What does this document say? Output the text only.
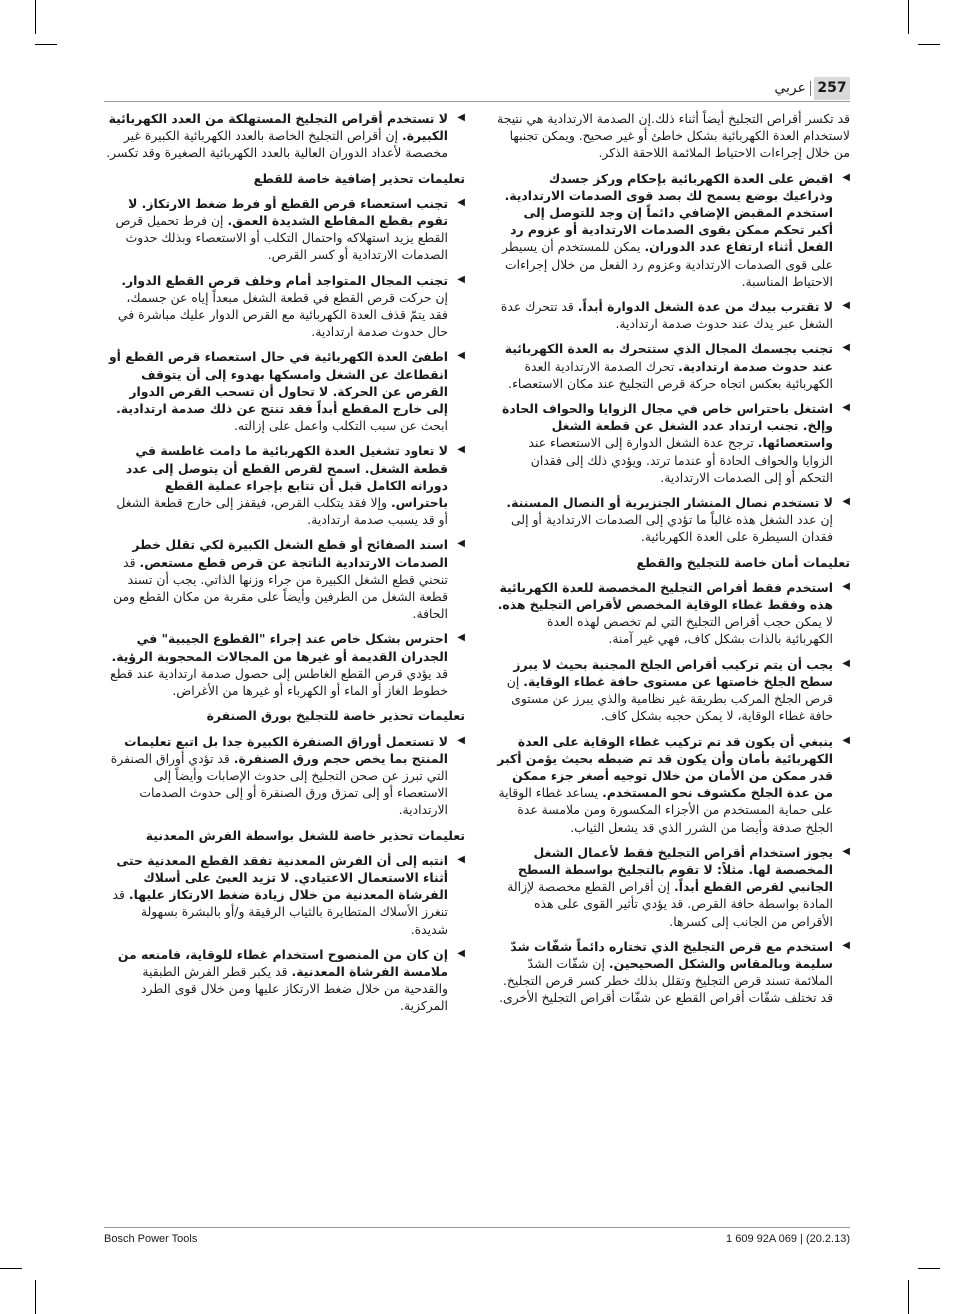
257
عربي

قد تكسر أقراص التجليخ أيضاً أثناء ذلك.إن الصدمة الارتدادية هي نتيجة لاستخدام العدة الكهربائية بشكل خاطئ أو غير صحيح. ويمكن تجنبها من خلال إجراءات الاحتياط الملائمة اللاحقة الذكر.

◀
اقبض على العدة الكهربائية بإحكام وركز جسدك وذراعيك بوضع يسمح لك بصد قوى الصدمات الارتدادية. استخدم المقبض الإضافي دائماً إن وجد للتوصل إلى أكبر تحكم ممكن بقوى الصدمات الارتدادية أو عزوم رد الفعل أثناء ارتفاع عدد الدوران. يمكن للمستخدم أن يسيطر على قوى الصدمات الارتدادية وعزوم رد الفعل من خلال إجراءات الاحتياط المناسبة.
◀
لا تقترب بيدك من عدة الشغل الدوارة أبداً. قد تتحرك عدة الشغل عبر يدك عند حدوث صدمة ارتدادية.
◀
تجنب بجسمك المجال الذي ستتحرك به العدة الكهربائية عند حدوث صدمة ارتدادية. تحرك الصدمة الارتدادية العدة الكهربائية بعكس اتجاه حركة قرص التجليخ عند مكان الاستعصاء.
◀
اشتغل باحتراس خاص في مجال الزوايا والحواف الحادة وإلخ. تجنب ارتداد عدد الشغل عن قطعة الشغل واستعصائها. ترجح عدة الشغل الدوارة إلى الاستعصاء عند الزوايا والحواف الحادة أو عندما ترتد. ويؤدي ذلك إلى فقدان التحكم أو إلى الصدمات الارتدادية.
◀
لا تستخدم نصال المنشار الجنزيرية أو النصال المسننة. إن عدد الشغل هذه غالباً ما تؤدي إلى الصدمات الارتدادية أو إلى فقدان السيطرة على العدة الكهربائية.
تعليمات أمان خاصة للتجليخ والقطع
◀
استخدم فقط أقراص التجليخ المخصصة للعدة الكهربائية هذه وفقط غطاء الوقاية المخصص لأقراص التجليخ هذه. لا يمكن حجب أقراص التجليخ التي لم تخصص لهذه العدة الكهربائية بالذات بشكل كاف، فهي غير آمنة.
◀
يجب أن يتم تركيب أقراص الجلخ المجنبة بحيث لا يبرز سطح الجلخ خاصتها عن مستوى حافة غطاء الوقاية. إن قرص الجلخ المركب بطريقة غير نظامية والذي يبرز عن مستوى حافة غطاء الوقاية، لا يمكن حجبه بشكل كاف.
◀
ينبغي أن يكون قد تم تركيب غطاء الوقاية على العدة الكهربائية بأمان وأن يكون قد تم ضبطه بحيث يؤمن أكبر قدر ممكن من الأمان من خلال توجيه أصغر جزء ممكن من عدة الجلخ مكشوف نحو المستخدم. يساعد غطاء الوقاية على حماية المستخدم من الأجزاء المكسورة ومن ملامسة عدة الجلخ صدفة وأيضا من الشرر الذي قد يشعل الثياب.
◀
يجوز استخدام أقراص التجليخ فقط لأعمال الشغل المخصصة لها. مثلاً: لا تقوم بالتجليخ بواسطة السطح الجانبي لقرص القطع أبداً. إن أقراص القطع مخصصة لإزالة المادة بواسطة حافة القرص. قد يؤدي تأثير القوى على هذه الأقراص من الجانب إلى كسرها.
◀
استخدم مع قرص التجليخ الذي تختاره دائماً شفّات شدّ سليمة وبالمقاس والشكل الصحيحين. إن شفّات الشدّ الملائمة تسند قرص التجليخ وتقلل بذلك خطر كسر قرص التجليخ. قد تختلف شفّات أقراص القطع عن شفّات أقراص التجليخ الأخرى.
◀
لا تستخدم أقراص التجليخ المستهلكة من العدد الكهربائية الكبيرة. إن أقراص التجليخ الخاصة بالعدد الكهربائية الكبيرة غير مخصصة لأعداد الدوران العالية بالعدد الكهربائية الصغيرة وقد تكسر.
تعليمات تحذير إضافية خاصة للقطع
◀
تجنب استعصاء قرص القطع أو فرط ضغط الارتكاز. لا تقوم بقطع المقاطع الشديدة العمق. إن فرط تحميل قرص القطع يزيد استهلاكه واحتمال التكلب أو الاستعصاء وبذلك حدوث الصدمات الارتدادية أو كسر القرص.
◀
تجنب المجال المتواجد أمام وخلف قرص القطع الدوار. إن حركت قرص القطع في قطعة الشغل مبعداً إياه عن جسمك، فقد يتمّ قذف العدة الكهربائية مع القرص الدوار عليك مباشرة في حال حدوث صدمة ارتدادية.
◀
اطفئ العدة الكهربائية في حال استعصاء قرص القطع أو انقطاعك عن الشغل وامسكها بهدوء إلى أن يتوقف القرص عن الحركة. لا تحاول أن تسحب القرص الدوار إلى خارج المقطع أبداً فقد تنتج عن ذلك صدمة ارتدادية. ابحث عن سبب التكلب واعمل على إزالته.
◀
لا تعاود تشغيل العدة الكهربائية ما دامت غاطسة في قطعة الشغل. اسمح لقرص القطع أن يتوصل إلى عدد دورانه الكامل قبل أن تتابع بإجراء عملية القطع باحتراس. وإلا فقد يتكلب القرص، فيقفز إلى خارج قطعة الشغل أو قد يسبب صدمة ارتدادية.
◀
اسند الصفائح أو قطع الشغل الكبيرة لكي تقلل خطر الصدمات الارتدادية الناتجة عن قرص قطع مستعص. قد تنحني قطع الشغل الكبيرة من جراء وزنها الذاتي. يجب أن تسند قطعة الشغل من الطرفين وأيضاً على مقربة من مكان القطع ومن الحافة.
◀
احترس بشكل خاص عند إجراء "القطوع الجيبية" في الجدران القديمة أو غيرها من المجالات المحجوبة الرؤية. قد يؤدي قرص القطع الغاطس إلى حصول صدمة ارتدادية عند قطع خطوط الغاز أو الماء أو الكهرباء أو غيرها من الأغراض.
تعليمات تحذير خاصة للتجليخ بورق الصنفرة
◀
لا تستعمل أوراق الصنفرة الكبيرة جدا بل اتبع تعليمات المنتج بما يخص حجم ورق الصنفرة. قد تؤدي أوراق الصنفرة التي تبرز عن صحن التجليخ إلى حدوث الإصابات وأيضاً إلى الاستعصاء أو إلى تمزق ورق الصنفرة أو إلى حدوث الصدمات الارتدادية.
تعليمات تحذير خاصة للشغل بواسطة الفرش المعدنية
◀
انتبه إلى أن الفرش المعدنية تفقد القطع المعدنية حتى أثناء الاستعمال الاعتيادي. لا تزيد العبئ على أسلاك الفرشاة المعدنية من خلال زيادة ضغط الارتكاز عليها. قد تنغرز الأسلاك المتطايرة بالثياب الرقيقة و/أو بالبشرة بسهولة شديدة.
◀
إن كان من المنصوح استخدام غطاء للوقاية، فامنعه من ملامسة الفرشاة المعدنية. قد يكبر قطر الفرش الطبقية والقدحية من خلال ضغط الارتكاز عليها ومن خلال قوى الطرد المركزية.
Bosch Power Tools	1 609 92A 069 | (20.2.13)
